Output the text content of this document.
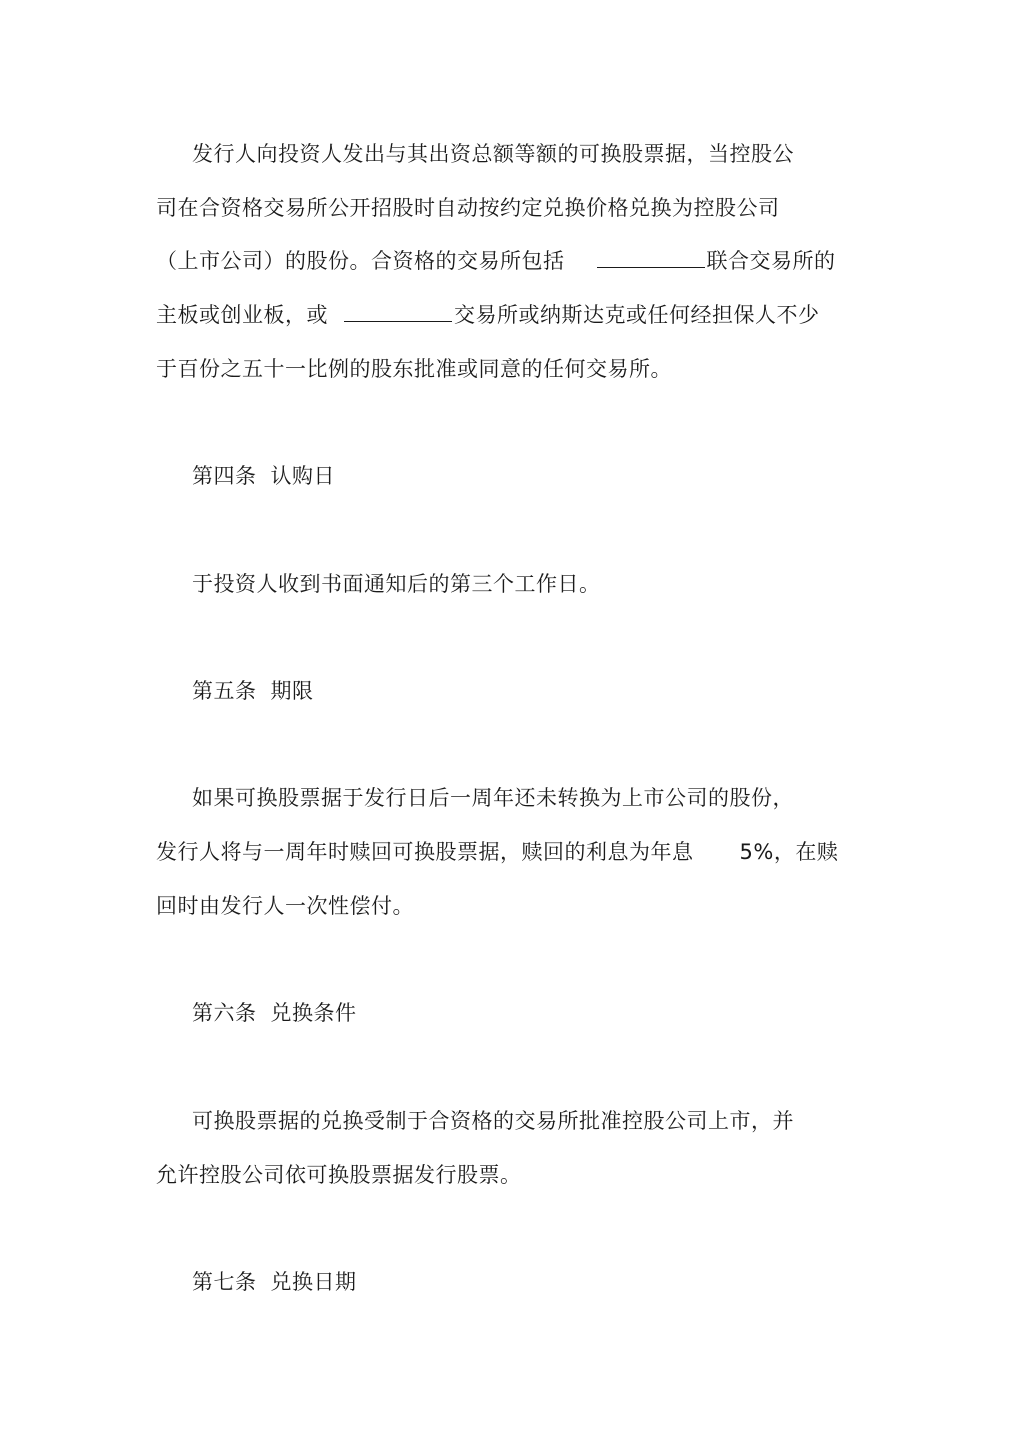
发行人向投资人发出与其出资总额等额的可换股票据，当控股公
司在合资格交易所公开招股时自动按约定兑换价格兑换为控股公司
（上市公司）的股份。合资格的交易所包括	联合交易所的
主板或创业板，或	交易所或纳斯达克或任何经担保人不少
于百份之五十一比例的股东批准或同意的任何交易所。
第四条 认购日
于投资人收到书面通知后的第三个工作日。
第五条 期限
如果可换股票据于发行日后一周年还未转换为上市公司的股份，
发行人将与一周年时赎回可换股票据，赎回的利息为年息 5%，在赎
回时由发行人一次性偿付。
第六条 兑换条件
可换股票据的兑换受制于合资格的交易所批准控股公司上市，并
允许控股公司依可换股票据发行股票。
第七条 兑换日期
